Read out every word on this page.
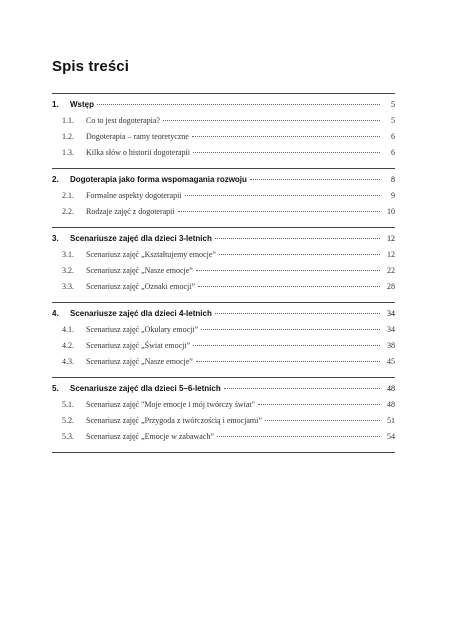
Spis treści
1.	Wstęp	5
1.1.	Co to jest dogoterapia?	5
1.2.	Dogoterapia – ramy teoretyczne	6
1.3.	Kilka słów o historii dogoterapii	6
2.	Dogoterapia jako forma wspomagania rozwoju	8
2.1.	Formalne aspekty dogoterapii	9
2.2.	Rodzaje zajęć z dogoterapii	10
3.	Scenariusze zajęć dla dzieci 3-letnich	12
3.1.	Scenariusz zajęć „Kształtujemy emocje”	12
3.2.	Scenariusz zajęć „Nasze emocje”	22
3.3.	Scenariusz zajęć „Oznaki emocji”	28
4.	Scenariusze zajęć dla dzieci 4-letnich	34
4.1.	Scenariusz zajęć „Okulary emocji”	34
4.2.	Scenariusz zajęć „Świat emocji”	38
4.3.	Scenariusz zajęć „Nasze emocje”	45
5.	Scenariusze zajęć dla dzieci 5–6-letnich	48
5.1.	Scenariusz zajęć "Moje emocje i mój twórczy świat"	48
5.2.	Scenariusz zajęć „Przygoda z twórczością i emocjami”	51
5.3.	Scenariusz zajęć „Emocje w zabawach”	54
